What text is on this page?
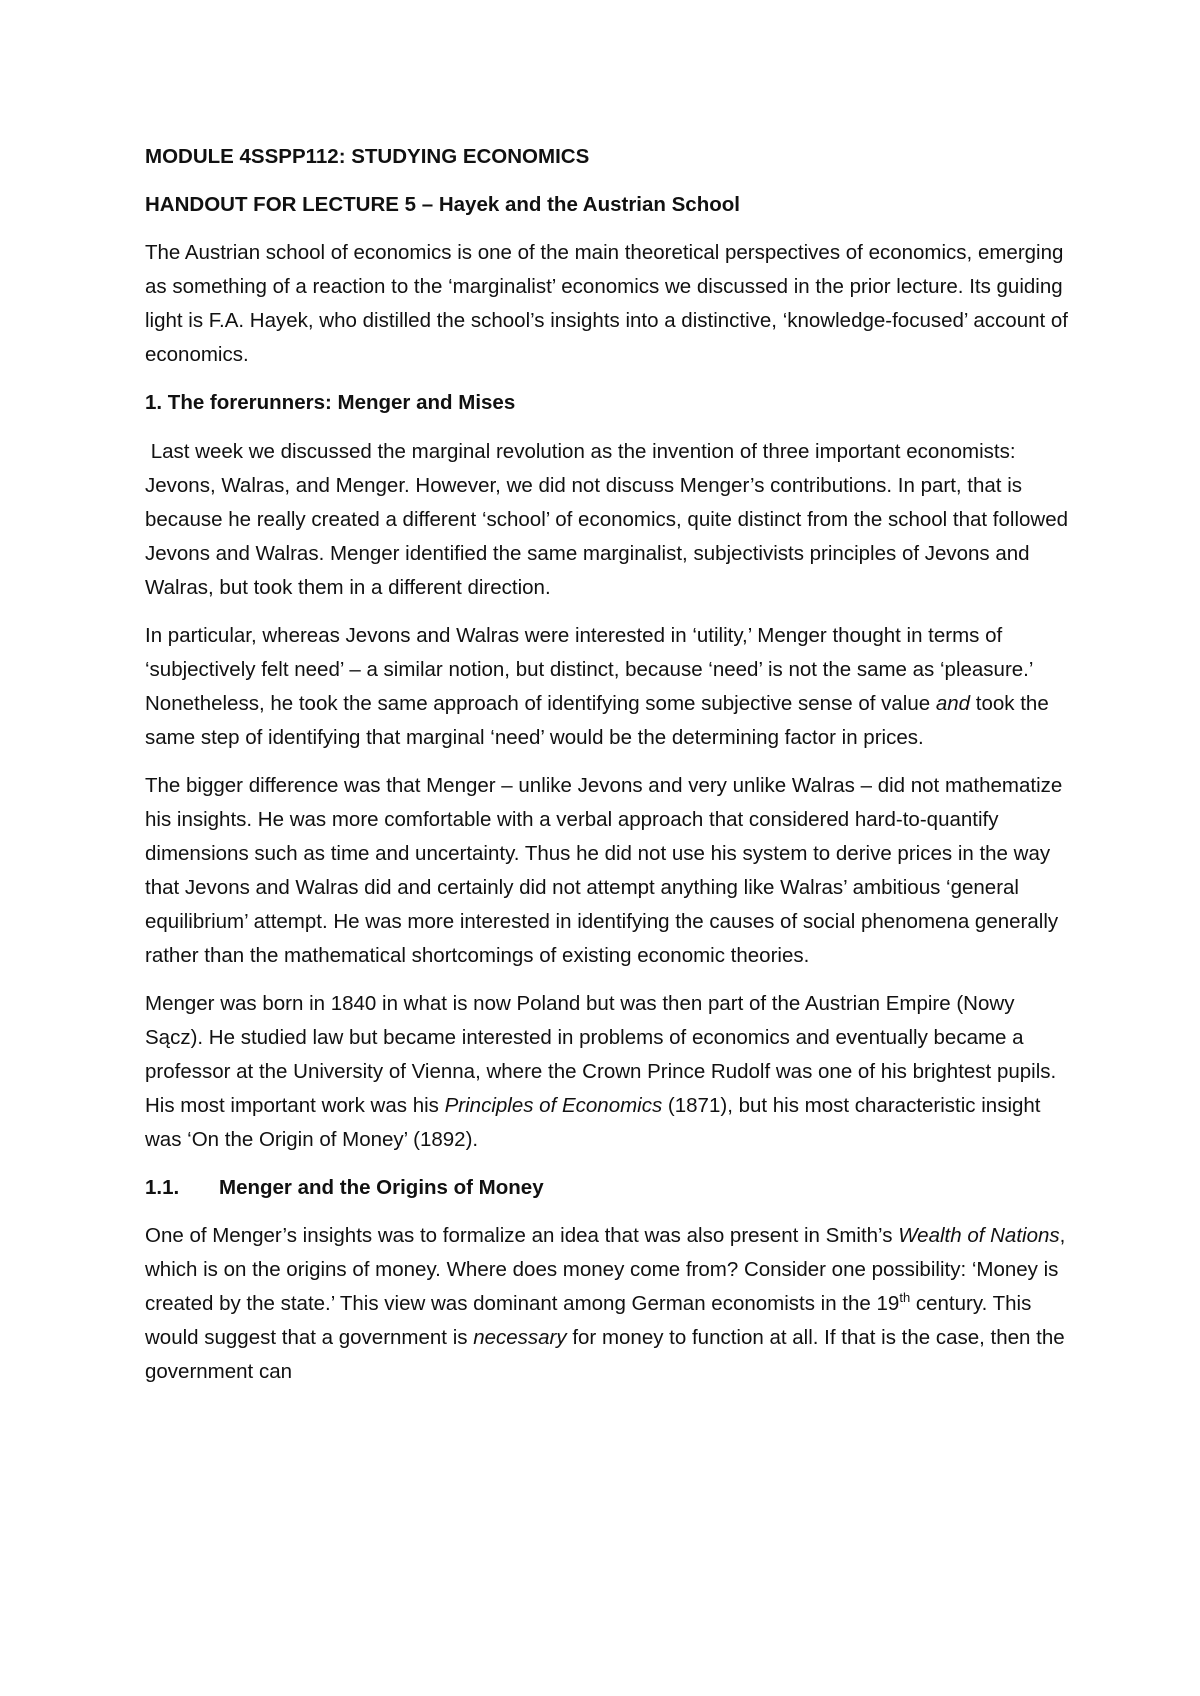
MODULE 4SSPP112: STUDYING ECONOMICS
HANDOUT FOR LECTURE 5 – Hayek and the Austrian School

The Austrian school of economics is one of the main theoretical perspectives of economics, emerging as something of a reaction to the ‘marginalist’ economics we discussed in the prior lecture. Its guiding light is F.A. Hayek, who distilled the school’s insights into a distinctive, ‘knowledge-focused’ account of economics.

1. The forerunners: Menger and Mises

Last week we discussed the marginal revolution as the invention of three important economists: Jevons, Walras, and Menger. However, we did not discuss Menger’s contributions. In part, that is because he really created a different ‘school’ of economics, quite distinct from the school that followed Jevons and Walras. Menger identified the same marginalist, subjectivists principles of Jevons and Walras, but took them in a different direction.

In particular, whereas Jevons and Walras were interested in ‘utility,’ Menger thought in terms of ‘subjectively felt need’ – a similar notion, but distinct, because ‘need’ is not the same as ‘pleasure.’ Nonetheless, he took the same approach of identifying some subjective sense of value and took the same step of identifying that marginal ‘need’ would be the determining factor in prices.

The bigger difference was that Menger – unlike Jevons and very unlike Walras – did not mathematize his insights. He was more comfortable with a verbal approach that considered hard-to-quantify dimensions such as time and uncertainty. Thus he did not use his system to derive prices in the way that Jevons and Walras did and certainly did not attempt anything like Walras’ ambitious ‘general equilibrium’ attempt. He was more interested in identifying the causes of social phenomena generally rather than the mathematical shortcomings of existing economic theories.

Menger was born in 1840 in what is now Poland but was then part of the Austrian Empire (Nowy Sącz). He studied law but became interested in problems of economics and eventually became a professor at the University of Vienna, where the Crown Prince Rudolf was one of his brightest pupils. His most important work was his Principles of Economics (1871), but his most characteristic insight was ‘On the Origin of Money’ (1892).

1.1. Menger and the Origins of Money

One of Menger’s insights was to formalize an idea that was also present in Smith’s Wealth of Nations, which is on the origins of money. Where does money come from? Consider one possibility: ‘Money is created by the state.’ This view was dominant among German economists in the 19th century. This would suggest that a government is necessary for money to function at all. If that is the case, then the government can
